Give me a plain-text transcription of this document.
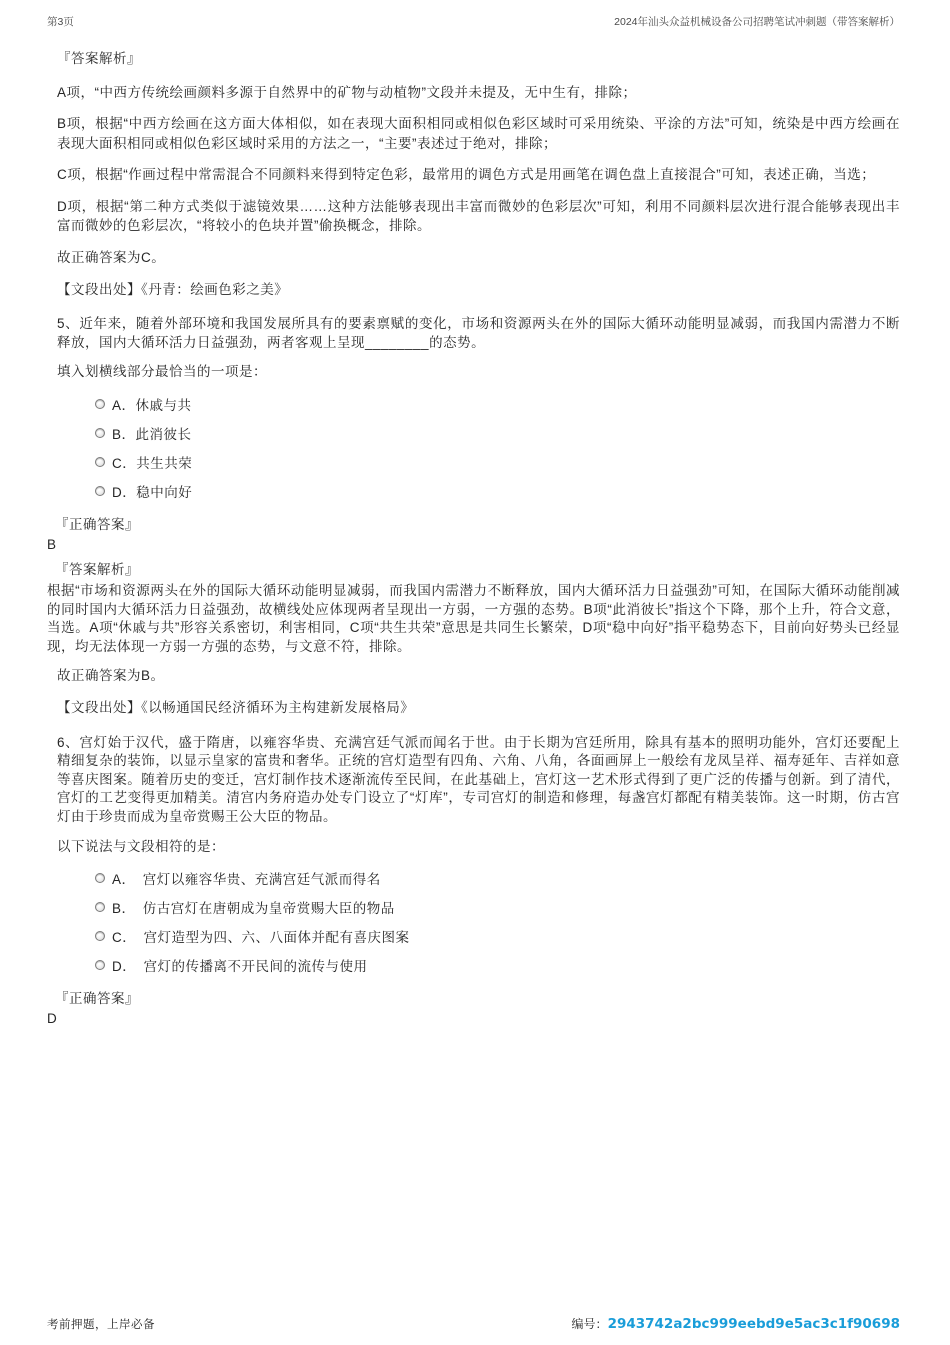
第3页	2024年汕头众益机械设备公司招聘笔试冲刺题（带答案解析）

『答案解析』

A项，“中西方传统绘画颜料多源于自然界中的矿物与动植物”文段并未提及，无中生有，排除；

B项，根据“中西方绘画在这方面大体相似，如在表现大面积相同或相似色彩区域时可采用统染、平涂的方法”可知，统染是中西方绘画在表现大面积相同或相似色彩区域时采用的方法之一，“主要”表述过于绝对，排除；

C项，根据“作画过程中常需混合不同颜料来得到特定色彩，最常用的调色方式是用画笔在调色盘上直接混合”可知，表述正确，当选；

D项，根据“第二种方式类似于滤镜效果……这种方法能够表现出丰富而微妙的色彩层次”可知，利用不同颜料层次进行混合能够表现出丰富而微妙的色彩层次，“将较小的色块并置”偷换概念，排除。

故正确答案为C。

【文段出处】《丹青：绘画色彩之美》

5、近年来，随着外部环境和我国发展所具有的要素禀赋的变化，市场和资源两头在外的国际大循环动能明显减弱，而我国内需潜力不断释放，国内大循环活力日益强劲，两者客观上呈现________的态势。

填入划横线部分最恰当的一项是：

A．休戚与共
B．此消彼长
C．共生共荣
D．稳中向好

『正确答案』

B

『答案解析』

根据“市场和资源两头在外的国际大循环动能明显减弱，而我国内需潜力不断释放，国内大循环活力日益强劲”可知，在国际大循环动能削减的同时国内大循环活力日益强劲，故横线处应体现两者呈现出一方弱，一方强的态势。B项“此消彼长”指这个下降，那个上升，符合文意，当选。A项“休戚与共”形容关系密切，利害相同，C项“共生共荣”意思是共同生长繁荣，D项“稳中向好”指平稳势态下，目前向好势头已经显现，均无法体现一方弱一方强的态势，与文意不符，排除。

故正确答案为B。

【文段出处】《以畅通国民经济循环为主构建新发展格局》

6、宫灯始于汉代，盛于隋唐，以雍容华贵、充满宫廷气派而闻名于世。由于长期为宫廷所用，除具有基本的照明功能外，宫灯还要配上精细复杂的装饰，以显示皇家的富贵和奢华。正统的宫灯造型有四角、六角、八角，各面画屏上一般绘有龙凤呈祥、福寿延年、吉祥如意等喜庆图案。随着历史的变迁，宫灯制作技术逐渐流传至民间，在此基础上，宫灯这一艺术形式得到了更广泛的传播与创新。到了清代，宫灯的工艺变得更加精美。清宫内务府造办处专门设立了“灯库”，专司宫灯的制造和修理，每盏宫灯都配有精美装饰。这一时期，仿古宫灯由于珍贵而成为皇帝赏赐王公大臣的物品。

以下说法与文段相符的是：

A．　宫灯以雍容华贵、充满宫廷气派而得名
B．　仿古宫灯在唐朝成为皇帝赏赐大臣的物品
C．　宫灯造型为四、六、八面体并配有喜庆图案
D．　宫灯的传播离不开民间的流传与使用

『正确答案』

D

考前押题，上岸必备	编号：2943742a2bc999eebd9e5ac3c1f90698
